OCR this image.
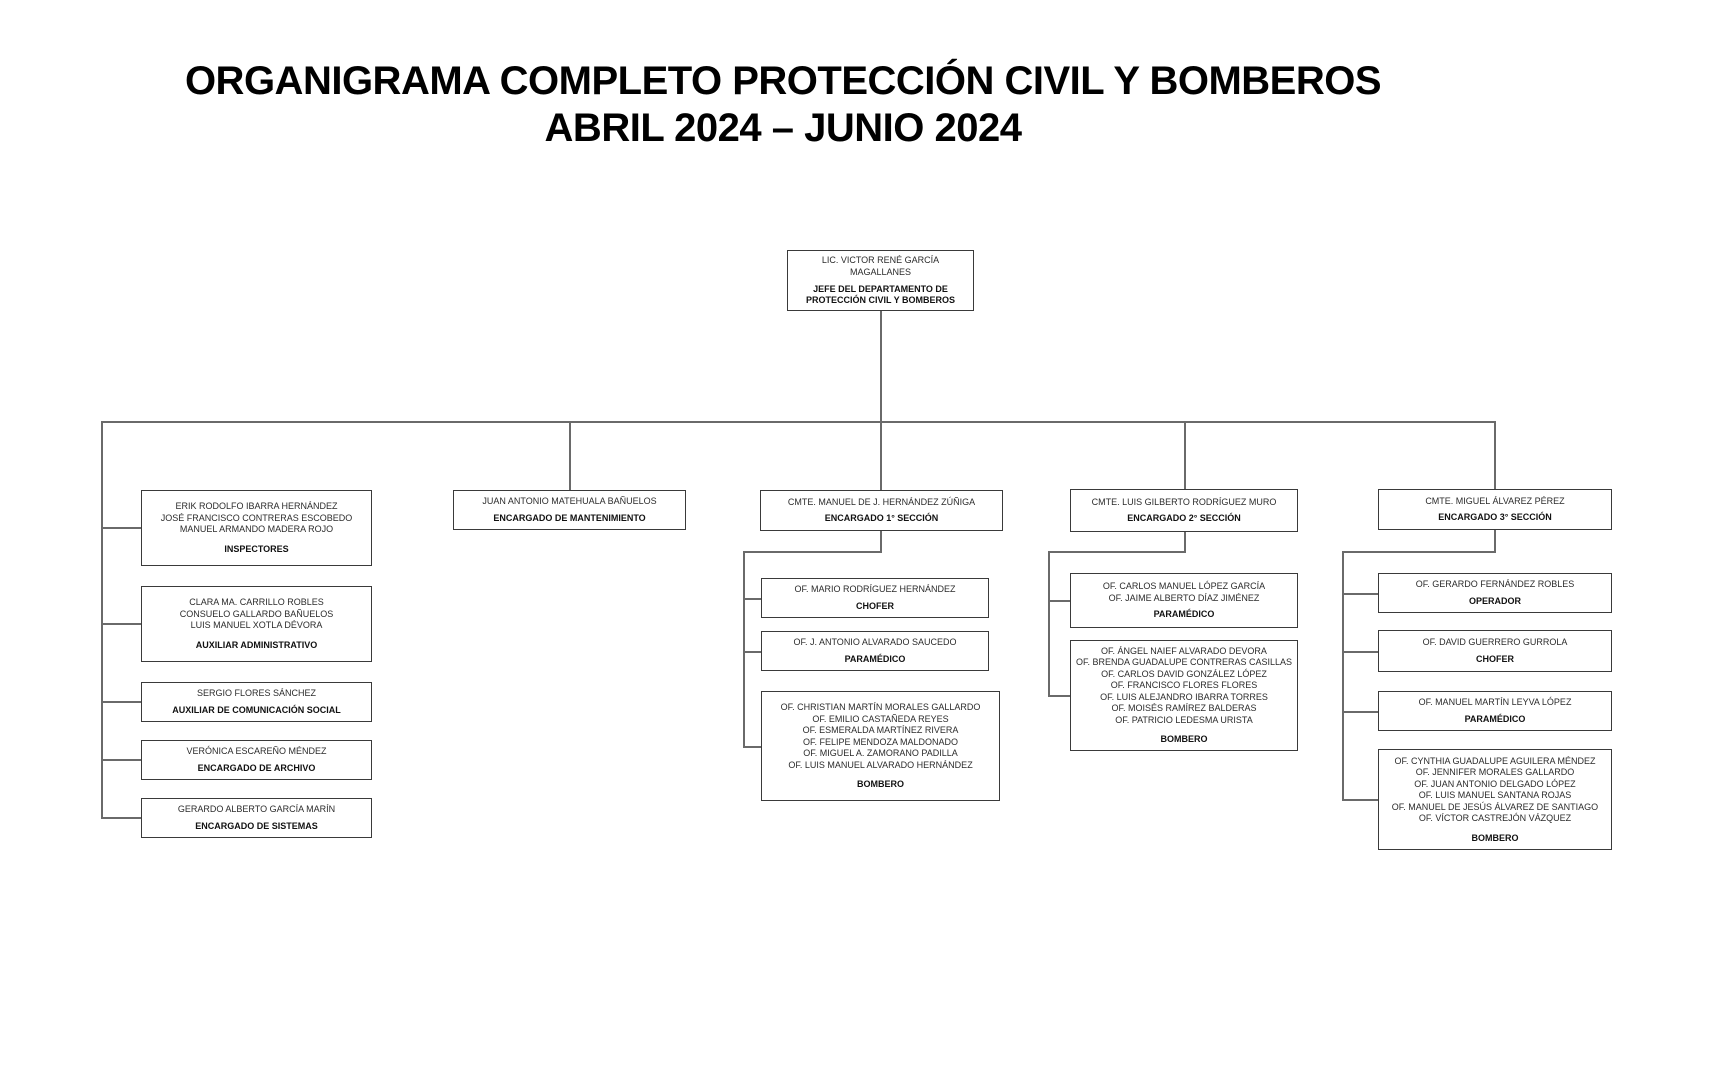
ORGANIGRAMA COMPLETO PROTECCIÓN CIVIL Y BOMBEROS
ABRIL 2024 – JUNIO 2024
LIC. VICTOR RENÉ GARCÍA MAGALLANES
JEFE DEL DEPARTAMENTO DE
PROTECCIÓN CIVIL Y BOMBEROS
ERIK RODOLFO IBARRA HERNÁNDEZ
JOSÉ FRANCISCO CONTRERAS ESCOBEDO
MANUEL ARMANDO MADERA ROJO
INSPECTORES
CLARA MA. CARRILLO ROBLES
CONSUELO GALLARDO BAÑUELOS
LUIS MANUEL XOTLA DÉVORA
AUXILIAR ADMINISTRATIVO
SERGIO FLORES SÁNCHEZ
AUXILIAR DE COMUNICACIÓN SOCIAL
VERÓNICA ESCAREÑO MÉNDEZ
ENCARGADO DE ARCHIVO
GERARDO ALBERTO GARCÍA MARÍN
ENCARGADO DE SISTEMAS
JUAN ANTONIO MATEHUALA BAÑUELOS
ENCARGADO DE MANTENIMIENTO
CMTE. MANUEL DE J. HERNÁNDEZ ZÚÑIGA
ENCARGADO 1° SECCIÓN
OF. MARIO RODRÍGUEZ HERNÁNDEZ
CHOFER
OF. J. ANTONIO ALVARADO SAUCEDO
PARAMÉDICO
OF. CHRISTIAN MARTÍN MORALES GALLARDO
OF. EMILIO CASTAÑEDA REYES
OF. ESMERALDA MARTÍNEZ RIVERA
OF. FELIPE MENDOZA MALDONADO
OF. MIGUEL A. ZAMORANO PADILLA
OF. LUIS MANUEL ALVARADO HERNÁNDEZ
BOMBERO
CMTE. LUIS GILBERTO RODRÍGUEZ MURO
ENCARGADO 2° SECCIÓN
OF. CARLOS MANUEL LÓPEZ GARCÍA
OF. JAIME ALBERTO DÍAZ JIMÉNEZ
PARAMÉDICO
OF. ÁNGEL NAIEF ALVARADO DEVORA
OF. BRENDA GUADALUPE CONTRERAS CASILLAS
OF. CARLOS DAVID GONZÁLEZ LÓPEZ
OF. FRANCISCO FLORES FLORES
OF. LUIS ALEJANDRO IBARRA TORRES
OF. MOISÉS RAMÍREZ BALDERAS
OF. PATRICIO LEDESMA URISTA
BOMBERO
CMTE. MIGUEL ÁLVAREZ PÉREZ
ENCARGADO 3° SECCIÓN
OF. GERARDO FERNÁNDEZ ROBLES
OPERADOR
OF. DAVID GUERRERO GURROLA
CHOFER
OF. MANUEL MARTÍN LEYVA LÓPEZ
PARAMÉDICO
OF. CYNTHIA GUADALUPE AGUILERA MÉNDEZ
OF. JENNIFER MORALES GALLARDO
OF. JUAN ANTONIO DELGADO LÓPEZ
OF. LUIS MANUEL SANTANA ROJAS
OF. MANUEL DE JESÚS ÁLVAREZ DE SANTIAGO
OF. VÍCTOR CASTREJÓN VÁZQUEZ
BOMBERO
